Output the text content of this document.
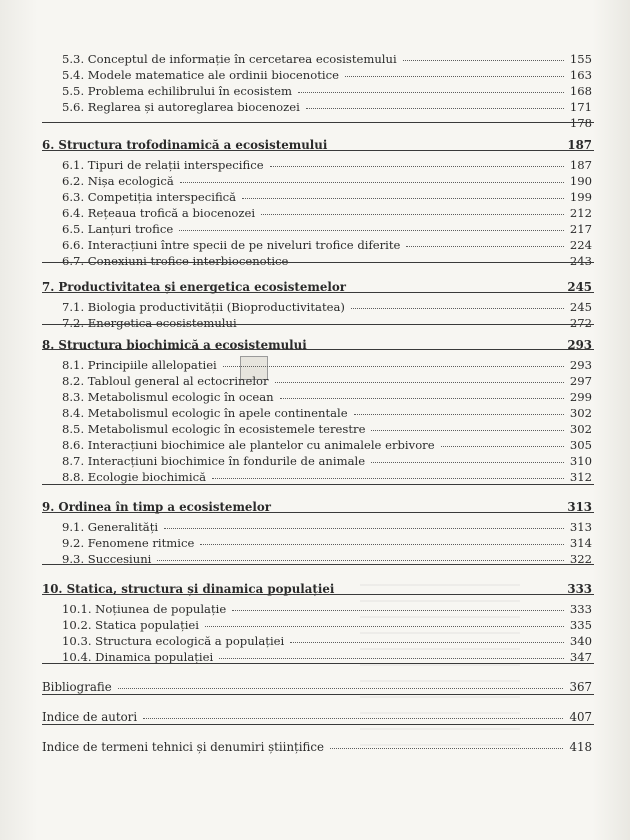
5.3. Conceptul de informație în cercetarea ecosistemului	155
5.4. Modele matematice ale ordinii biocenotice	163
5.5. Problema echilibrului în ecosistem	168
5.6. Reglarea și autoreglarea biocenozei	171
178
6. Structura trofodinamică a ecosistemului	187
6.1. Tipuri de relații interspecifice	187
6.2. Nișa ecologică	190
6.3. Competiția interspecifică	199
6.4. Rețeaua trofică a biocenozei	212
6.5. Lanțuri trofice	217
6.6. Interacțiuni între specii de pe niveluri trofice diferite	224
6.7. Conexiuni trofice interbiocenotice	243
7. Productivitatea și energetica ecosistemelor	245
7.1. Biologia productivității (Bioproductivitatea)	245
7.2. Energetica ecosistemului	272
8. Structura biochimică a ecosistemului	293
8.1. Principiile allelopatiei	293
8.2. Tabloul general al ectocrinelor	297
8.3. Metabolismul ecologic în ocean	299
8.4. Metabolismul ecologic în apele continentale	302
8.5. Metabolismul ecologic în ecosistemele terestre	302
8.6. Interacțiuni biochimice ale plantelor cu animalele erbivore	305
8.7. Interacțiuni biochimice în fondurile de animale	310
8.8. Ecologie biochimică	312
9. Ordinea în timp a ecosistemelor	313
9.1. Generalități	313
9.2. Fenomene ritmice	314
9.3. Succesiuni	322
10. Statica, structura și dinamica populației	333
10.1. Noțiunea de populație	333
10.2. Statica populației	335
10.3. Structura ecologică a populației	340
10.4. Dinamica populației	347
Bibliografie	367
Indice de autori	407
Indice de termeni tehnici și denumiri științifice	418
